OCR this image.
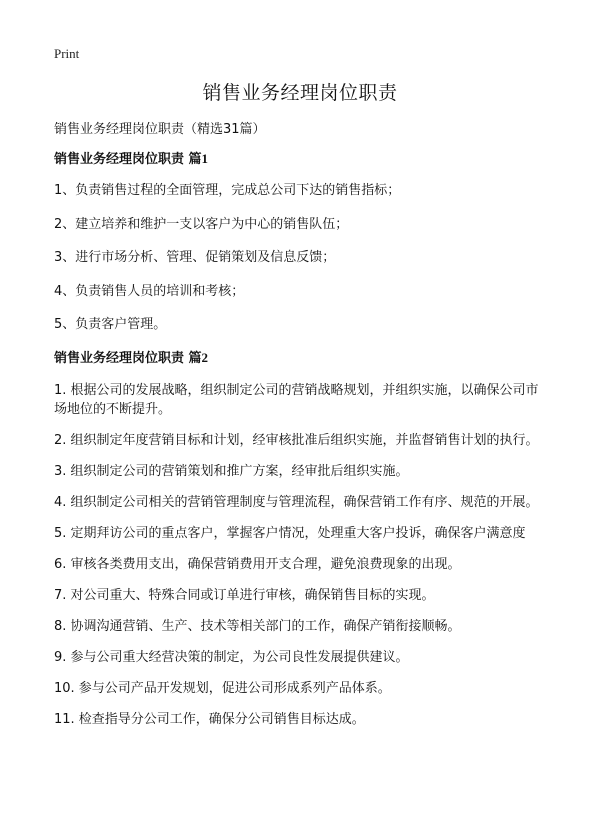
Print
销售业务经理岗位职责

销售业务经理岗位职责（精选31篇）

销售业务经理岗位职责 篇1

1、负责销售过程的全面管理，完成总公司下达的销售指标；

2、建立培养和维护一支以客户为中心的销售队伍；

3、进行市场分析、管理、促销策划及信息反馈；

4、负责销售人员的培训和考核；

5、负责客户管理。

销售业务经理岗位职责 篇2

1. 根据公司的发展战略，组织制定公司的营销战略规划，并组织实施，以确保公司市场地位的不断提升。

2. 组织制定年度营销目标和计划，经审核批准后组织实施，并监督销售计划的执行。

3. 组织制定公司的营销策划和推广方案，经审批后组织实施。

4. 组织制定公司相关的营销管理制度与管理流程，确保营销工作有序、规范的开展。

5. 定期拜访公司的重点客户，掌握客户情况，处理重大客户投诉，确保客户满意度

6. 审核各类费用支出，确保营销费用开支合理，避免浪费现象的出现。

7. 对公司重大、特殊合同或订单进行审核，确保销售目标的实现。

8. 协调沟通营销、生产、技术等相关部门的工作，确保产销衔接顺畅。

9. 参与公司重大经营决策的制定，为公司良性发展提供建议。

10. 参与公司产品开发规划，促进公司形成系列产品体系。

11. 检查指导分公司工作，确保分公司销售目标达成。
